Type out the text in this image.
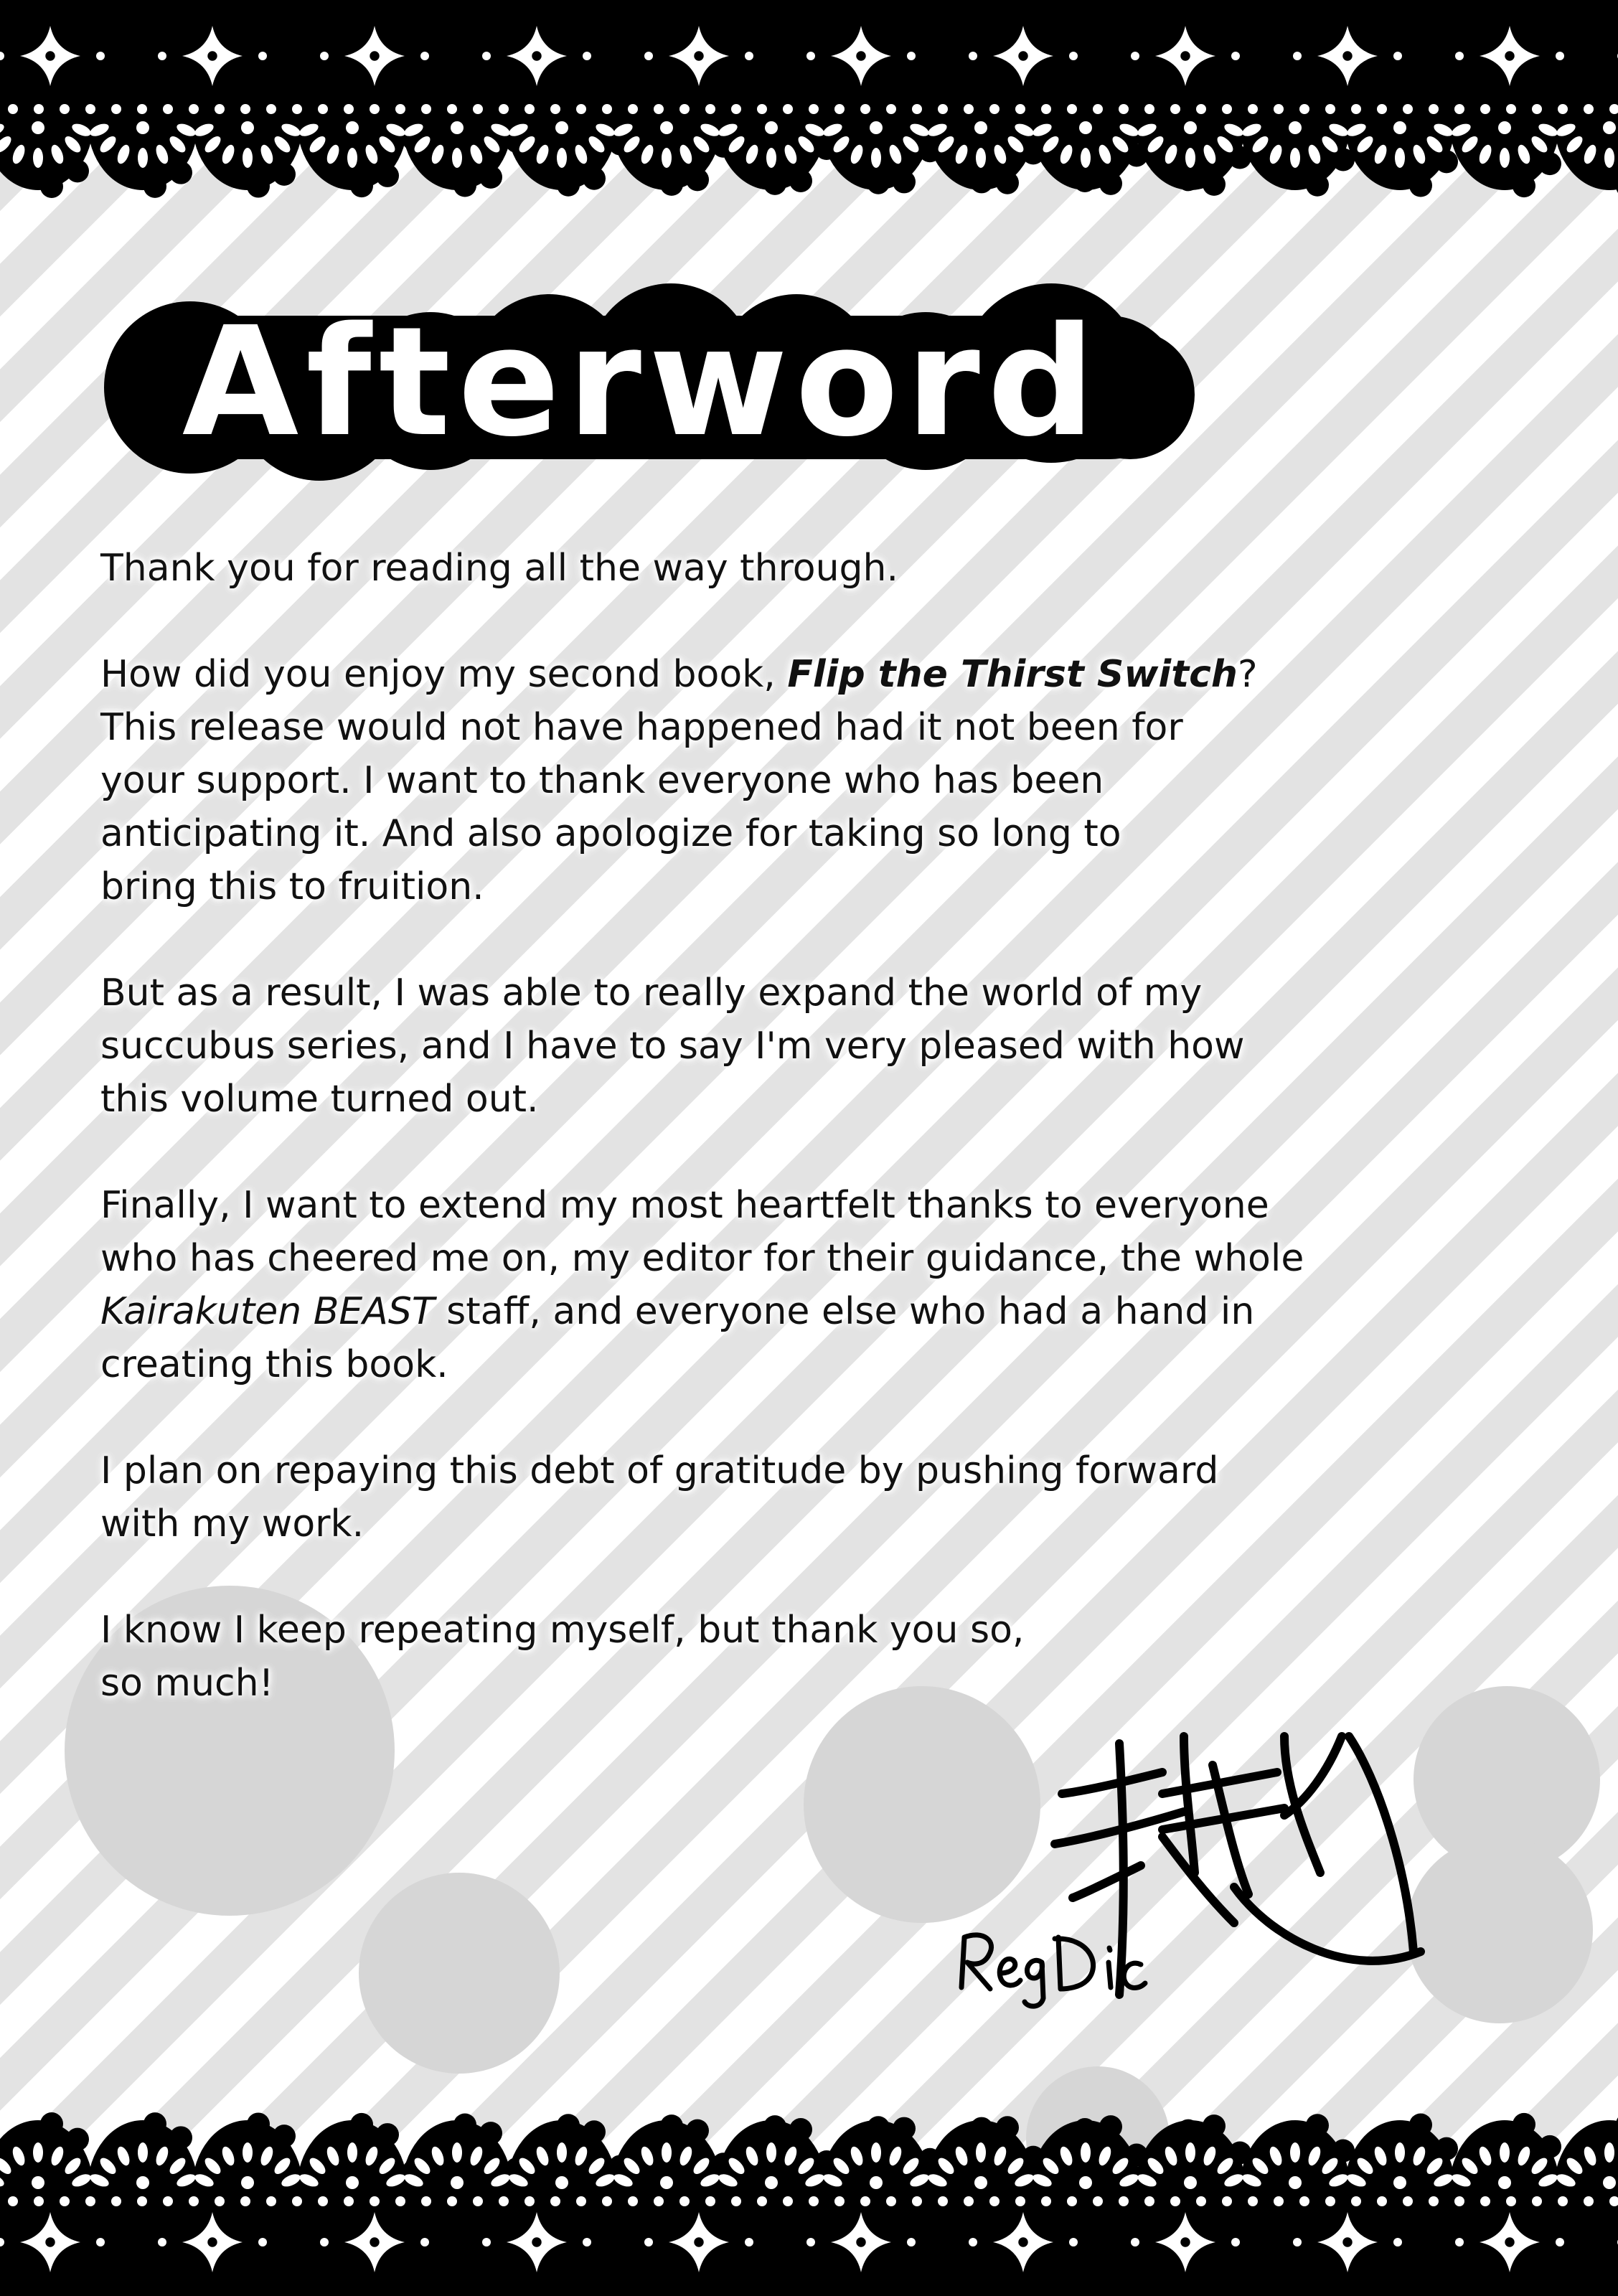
Afterword
Thank you for reading all the way through.
How did you enjoy my second book, Flip the Thirst Switch?
This release would not have happened had it not been for
your support. I want to thank everyone who has been
anticipating it. And also apologize for taking so long to
bring this to fruition.
But as a result, I was able to really expand the world of my
succubus series, and I have to say I'm very pleased with how
this volume turned out.
Finally, I want to extend my most heartfelt thanks to everyone
who has cheered me on, my editor for their guidance, the whole
Kairakuten BEAST staff, and everyone else who had a hand in
creating this book.
I plan on repaying this debt of gratitude by pushing forward
with my work.
I know I keep repeating myself, but thank you so,
so much!
